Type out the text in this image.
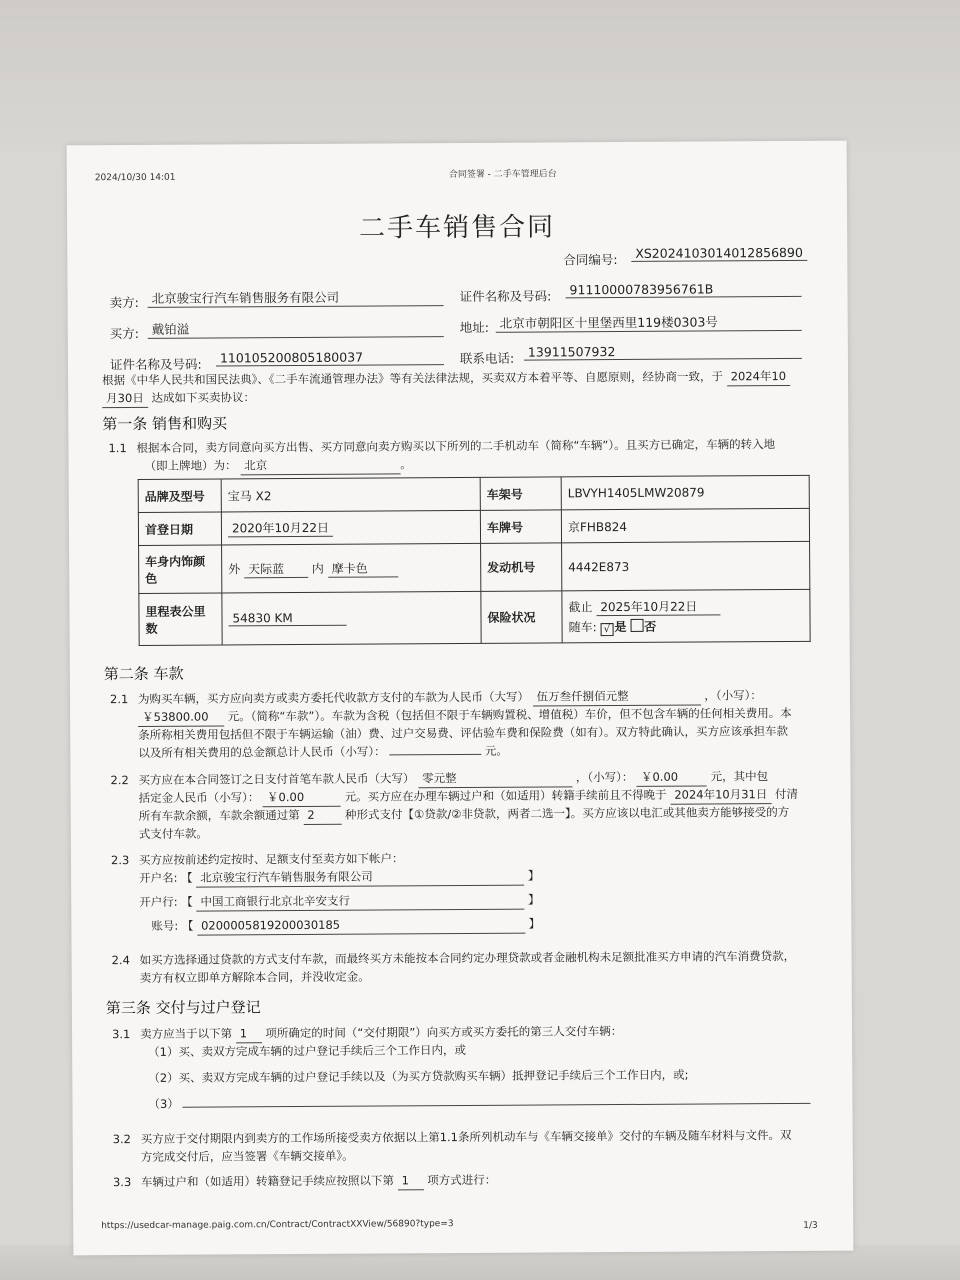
2024/10/30 14:01	合同签署 - 二手车管理后台
二手车销售合同
合同编号:	XS20241030140128568​90
卖方:	北京骏宝行汽车销售服务有限公司	证件名称及号码:	91110000783956761B
买方:	戴铂溢	地址: 北京市朝阳区十里堡西里119楼0303号
证件名称及号码:	110105200805180037	联系电话:	13911507932
根据《中华人民共和国民法典》、《二手车流通管理办法》等有关法律法规，买卖双方本着平等、自愿原则，经协商一致，于 2024年10
月30日 达成如下买卖协议：
第一条 销售和购买
1.1 根据本合同，卖方同意向买方出售、买方同意向卖方购买以下所列的二手机动车（简称“车辆”）。且买方已确定，车辆的转入地
（即上牌地）为： 北京	。
品牌及型号	宝马 X2	车架号	LBVYH1405LMW20879
首登日期	2020年10月22日	车牌号	京FHB824
车身内饰颜色	外 天际蓝 内 摩卡色	发动机号	4442E873
里程表公里数	54830 KM	保险状况	截止 2025年10月22日
随车: √ 是 否
第二条 车款
2.1 为购买车辆，买方应向卖方或卖方委托代收款方支付的车款为人民币（大写） 伍万叁仟捌佰元整	，（小写）：
￥53800.00 元。（简称“车款”）。车款为含税（包括但不限于车辆购置税、增值税）车价，但不包含车辆的任何相关费用。本
条所称相关费用包括但不限于车辆运输（油）费、过户交易费、评估验车费和保险费（如有）。双方特此确认，买方应该承担车款
以及所有相关费用的总金额总计人民币（小写）：	元。
2.2 买方应在本合同签订之日支付首笔车款人民币（大写） 零元整	，（小写）： ￥0.00	元，其中包
括定金人民币（小写）： ￥0.00	元。买方应在办理车辆过户和（如适用）转籍手续前且不得晚于 2024年10月31日 付清
所有车款余额，车款余额通过第 2	种形式支付【①贷款/②非贷款，两者二选一】。买方应该以电汇或其他卖方能够接受的方
式支付车款。
2.3 买方应按前述约定按时、足额支付至卖方如下帐户：
开户名: 【 北京骏宝行汽车销售服务有限公司	】
开户行: 【 中国工商银行北京北辛安支行	】
账号: 【 0200005819200030185	】
2.4 如买方选择通过贷款的方式支付车款，而最终买方未能按本合同约定办理贷款或者金融机构未足额批准买方申请的汽车消费贷款，
卖方有权立即单方解除本合同，并没收定金。
第三条 交付与过户登记
3.1 卖方应当于以下第 1 项所确定的时间（“交付期限”）向买方或买方委托的第三人交付车辆：
（1）买、卖双方完成车辆的过户登记手续后三个工作日内，或
（2）买、卖双方完成车辆的过户登记手续以及（为买方贷款购买车辆）抵押登记手续后三个工作日内，或;
（3）
3.2 买方应于交付期限内到卖方的工作场所接受卖方依据以上第1.1条所列机动车与《车辆交接单》交付的车辆及随车材料与文件。双
方完成交付后，应当签署《车辆交接单》。
3.3 车辆过户和（如适用）转籍登记手续应按照以下第 1 项方式进行：
https://usedcar-manage.paig.com.cn/Contract/ContractXXView/56890?type=3	1/3
